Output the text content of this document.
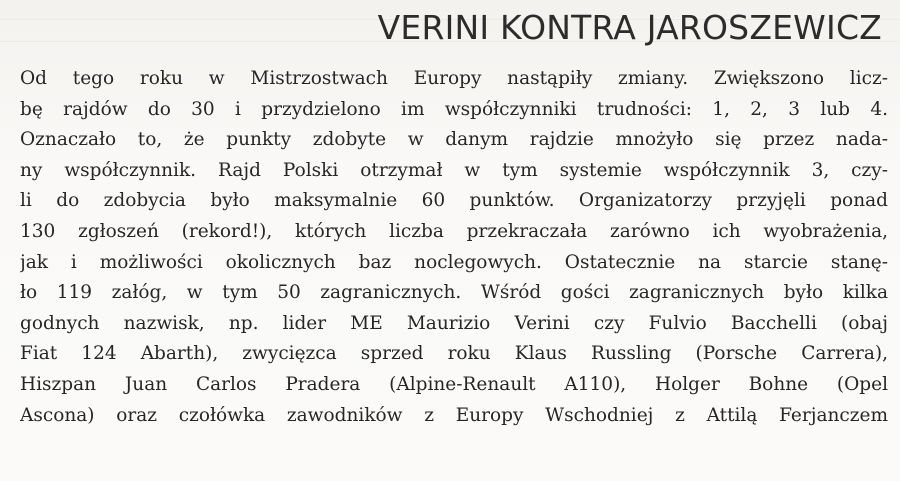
VERINI KONTRA JAROSZEWICZ
Od tego roku w Mistrzostwach Europy nastąpiły zmiany. Zwiększono licz-
bę rajdów do 30 i przydzielono im współczynniki trudności: 1, 2, 3 lub 4.
Oznaczało to, że punkty zdobyte w danym rajdzie mnożyło się przez nada-
ny współczynnik. Rajd Polski otrzymał w tym systemie współczynnik 3, czy-
li do zdobycia było maksymalnie 60 punktów. Organizatorzy przyjęli ponad
130 zgłoszeń (rekord!), których liczba przekraczała zarówno ich wyobrażenia,
jak i możliwości okolicznych baz noclegowych. Ostatecznie na starcie stanę-
ło 119 załóg, w tym 50 zagranicznych. Wśród gości zagranicznych było kilka
godnych nazwisk, np. lider ME Maurizio Verini czy Fulvio Bacchelli (obaj
Fiat 124 Abarth), zwycięzca sprzed roku Klaus Russling (Porsche Carrera),
Hiszpan Juan Carlos Pradera (Alpine-Renault A110), Holger Bohne (Opel
Ascona) oraz czołówka zawodników z Europy Wschodniej z Attilą Ferjanczem
